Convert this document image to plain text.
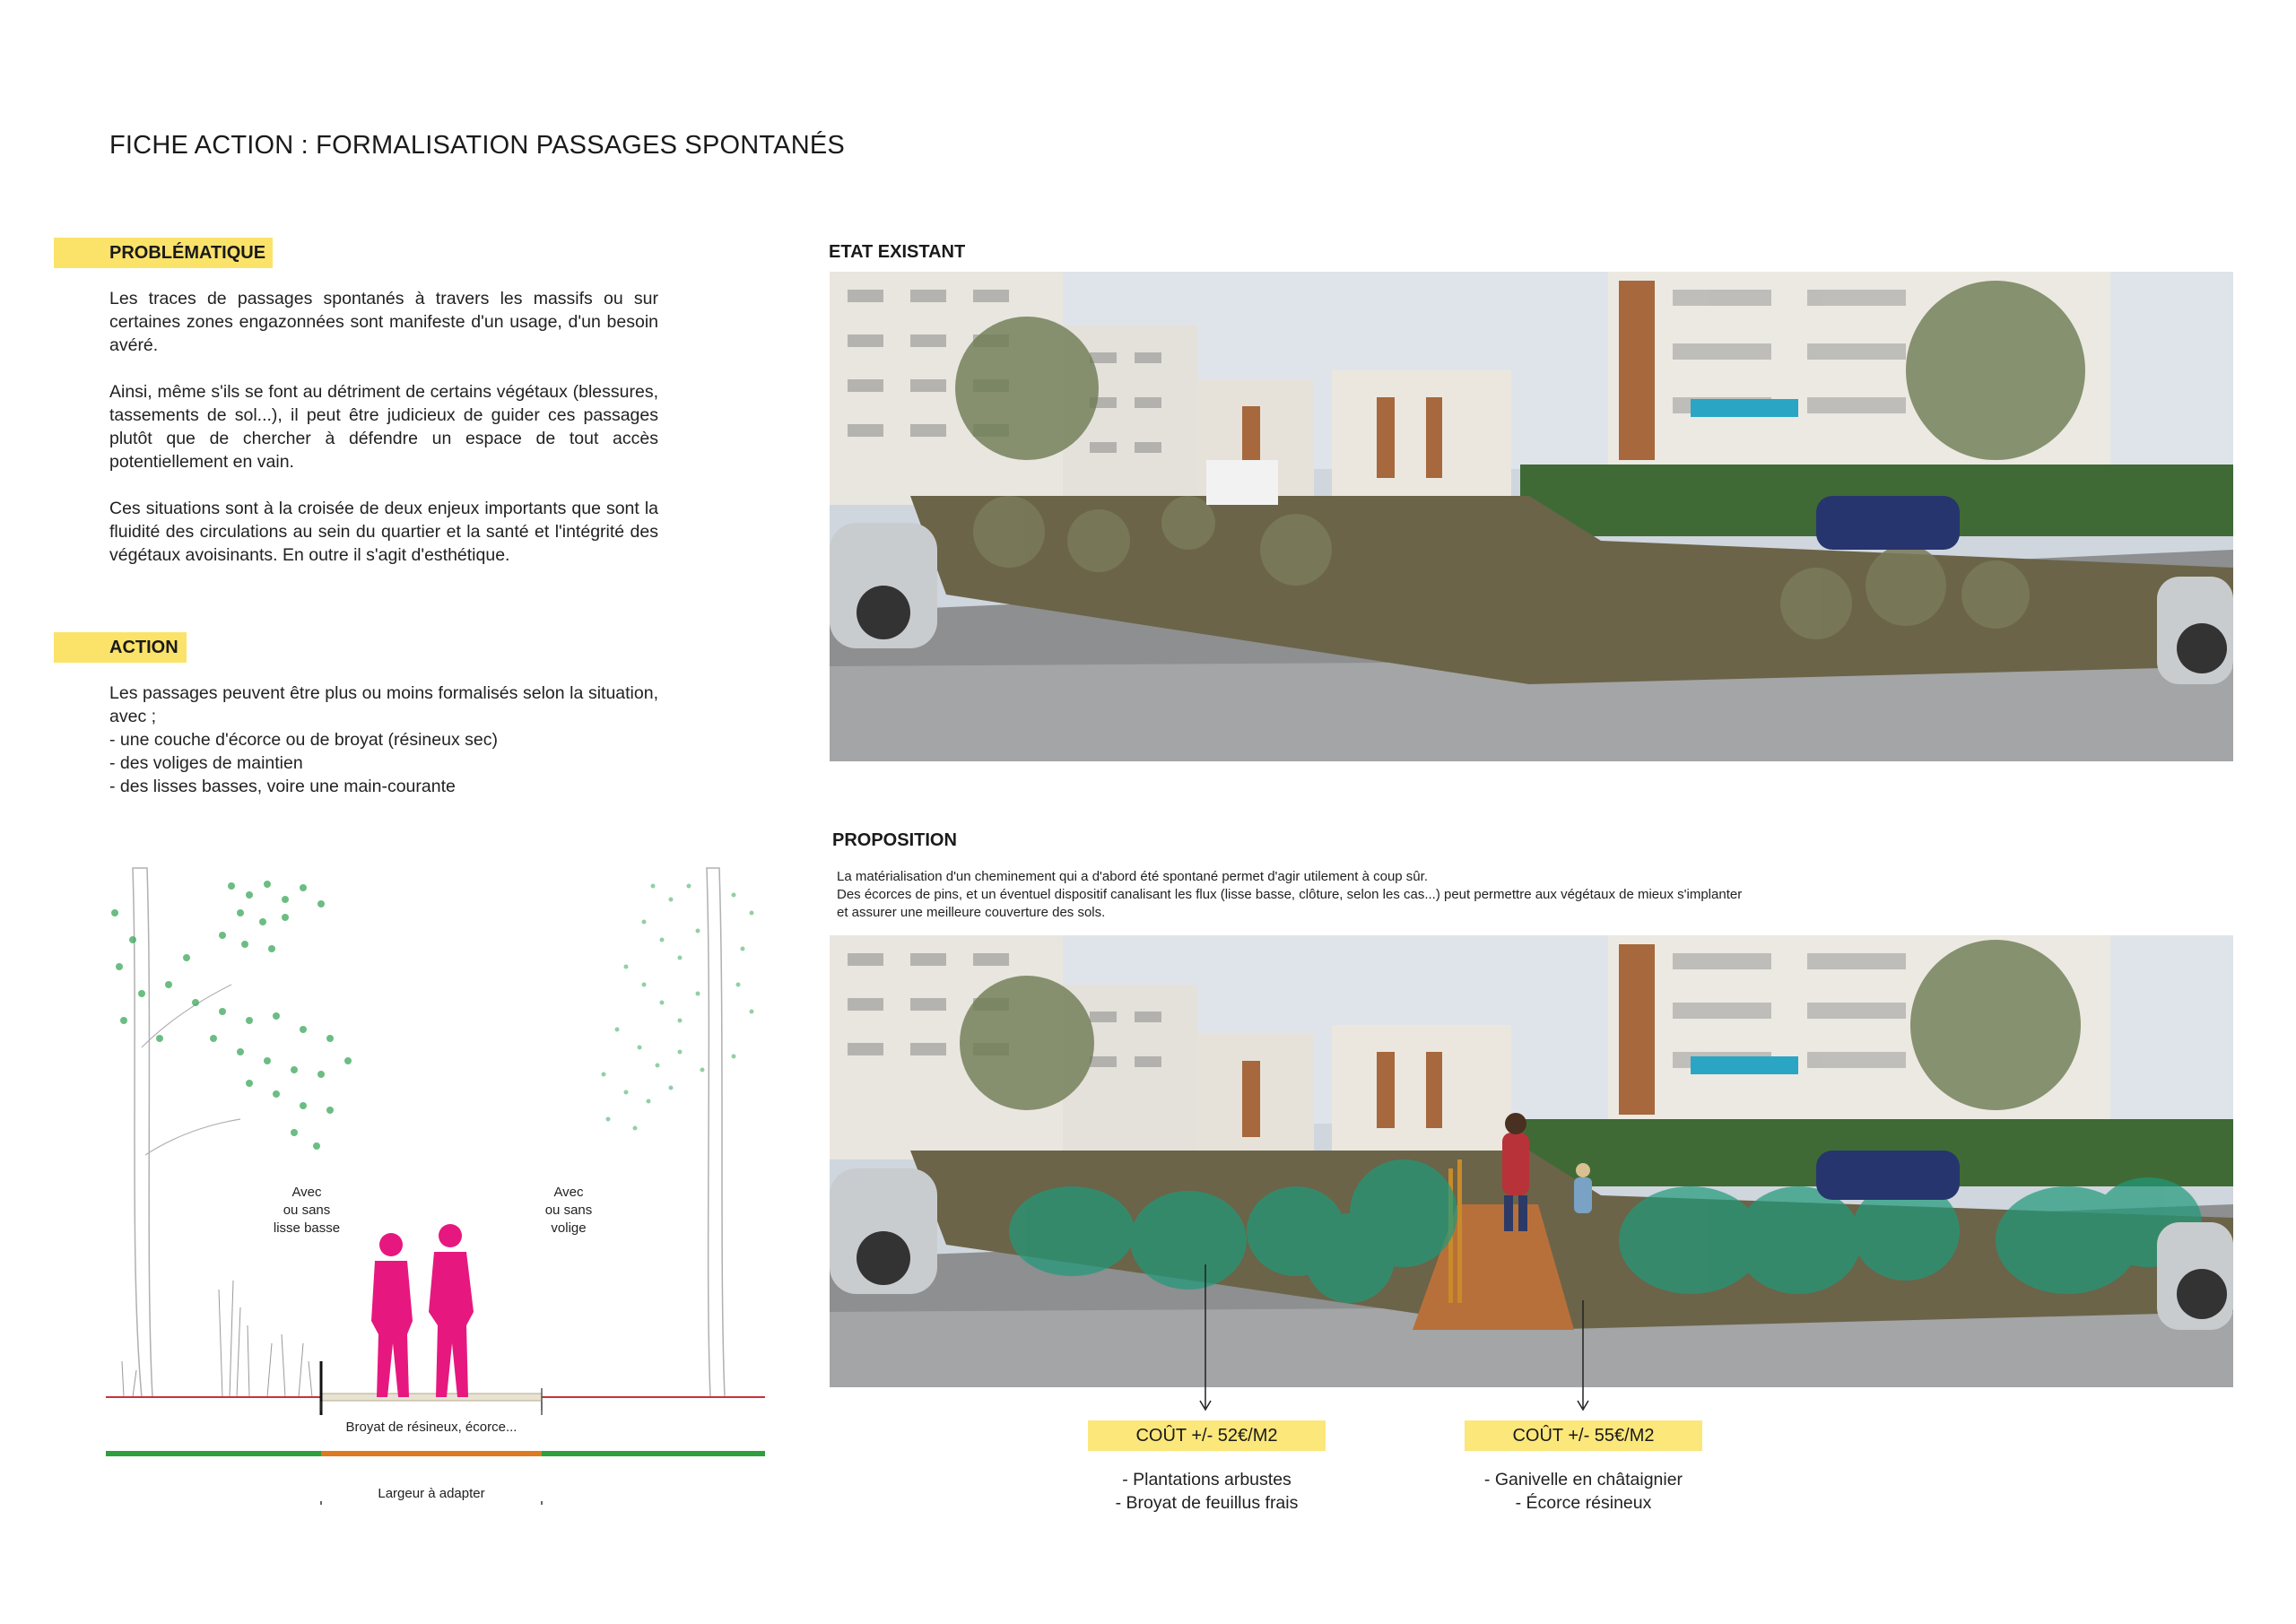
FICHE ACTION : FORMALISATION PASSAGES SPONTANÉS
PROBLÉMATIQUE

Les traces de passages spontanés à travers les massifs ou sur certaines zones engazonnées sont manifeste d'un usage, d'un besoin avéré.

Ainsi, même s'ils se font au détriment de certains végétaux (blessures, tassements de sol...), il peut être judicieux de guider ces passages plutôt que de chercher à défendre un espace de tout accès potentiellement en vain.

Ces situations sont à la croisée de deux enjeux importants que sont la fluidité des circulations au sein du quartier et la santé et l'intégrité des végétaux avoisinants. En outre il s'agit d'esthétique.

ACTION
Les passages peuvent être plus ou moins formalisés selon la situation, avec ;
- une couche d'écorce ou de broyat (résineux sec)
- des voliges de maintien
- des lisses basses, voire une main-courante
Avec
ou sans
lisse basse
Avec
ou sans
volige
Broyat de résineux, écorce...
Largeur à adapter
ETAT EXISTANT
PROPOSITION
La matérialisation d'un cheminement qui a d'abord été spontané permet d'agir utilement à coup sûr.
Des écorces de pins, et un éventuel dispositif canalisant les flux (lisse basse, clôture, selon les cas...) peut permettre aux végétaux de mieux s'implanter
et assurer une meilleure couverture des sols.
COÛT +/- 52€/M2
- Plantations arbustes
- Broyat de feuillus frais
COÛT +/- 55€/M2
- Ganivelle en châtaignier
- Écorce résineux
